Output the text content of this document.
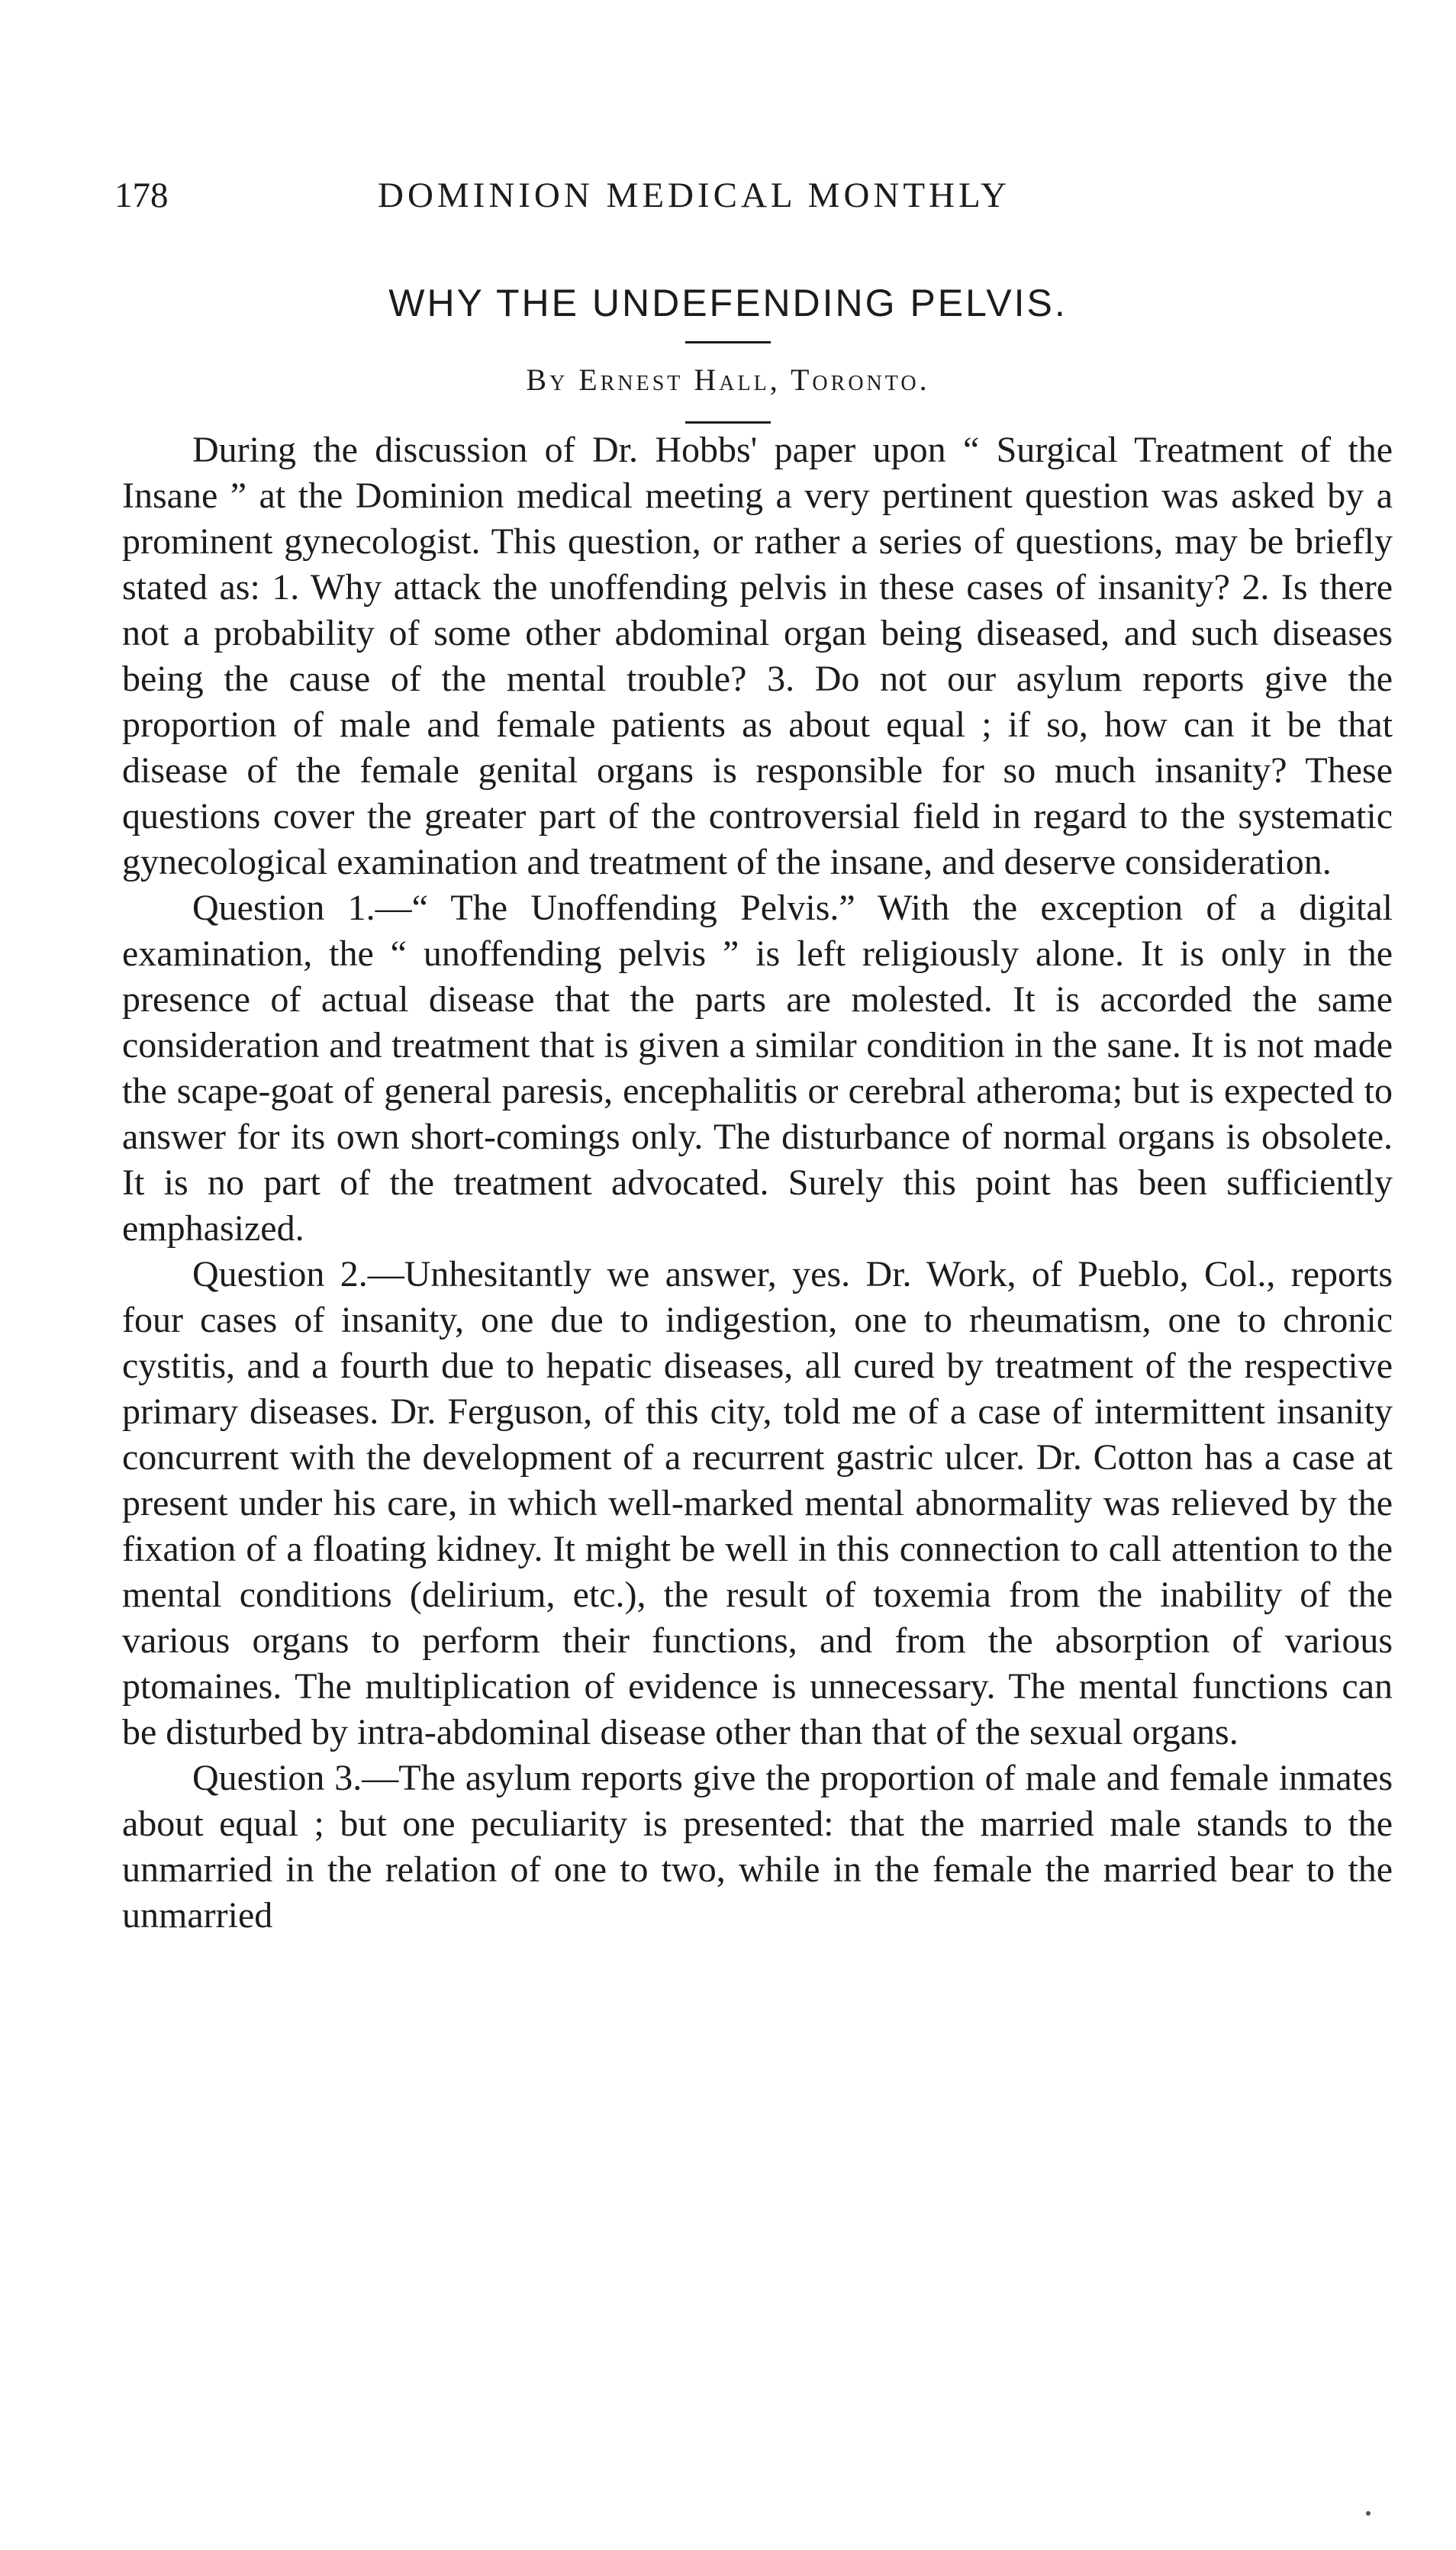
178	DOMINION MEDICAL MONTHLY
WHY THE UNDEFENDING PELVIS.
By Ernest Hall, Toronto.

During the discussion of Dr. Hobbs' paper upon “ Surgical Treatment of the Insane ” at the Dominion medical meeting a very pertinent question was asked by a prominent gynecologist. This question, or rather a series of questions, may be briefly stated as: 1. Why attack the unoffending pelvis in these cases of insanity? 2. Is there not a probability of some other abdominal organ being diseased, and such diseases being the cause of the mental trouble? 3. Do not our asylum reports give the proportion of male and female patients as about equal ; if so, how can it be that disease of the female genital organs is responsible for so much insanity? These questions cover the greater part of the controversial field in regard to the systematic gynecological examination and treatment of the insane, and deserve consideration.

Question 1.—“ The Unoffending Pelvis.” With the exception of a digital examination, the “ unoffending pelvis ” is left religiously alone. It is only in the presence of actual disease that the parts are molested. It is accorded the same consideration and treatment that is given a similar condition in the sane. It is not made the scape-goat of general paresis, encephalitis or cerebral atheroma; but is expected to answer for its own short-comings only. The disturbance of normal organs is obsolete. It is no part of the treatment advocated. Surely this point has been sufficiently emphasized.

Question 2.—Unhesitantly we answer, yes. Dr. Work, of Pueblo, Col., reports four cases of insanity, one due to indigestion, one to rheumatism, one to chronic cystitis, and a fourth due to hepatic diseases, all cured by treatment of the respective primary diseases. Dr. Ferguson, of this city, told me of a case of intermittent insanity concurrent with the development of a recurrent gastric ulcer. Dr. Cotton has a case at present under his care, in which well-marked mental abnormality was relieved by the fixation of a floating kidney. It might be well in this connection to call attention to the mental conditions (delirium, etc.), the result of toxemia from the inability of the various organs to perform their functions, and from the absorption of various ptomaines. The multiplication of evidence is unnecessary. The mental functions can be disturbed by intra-abdominal disease other than that of the sexual organs.

Question 3.—The asylum reports give the proportion of male and female inmates about equal ; but one peculiarity is presented: that the married male stands to the unmarried in the relation of one to two, while in the female the married bear to the unmarried
